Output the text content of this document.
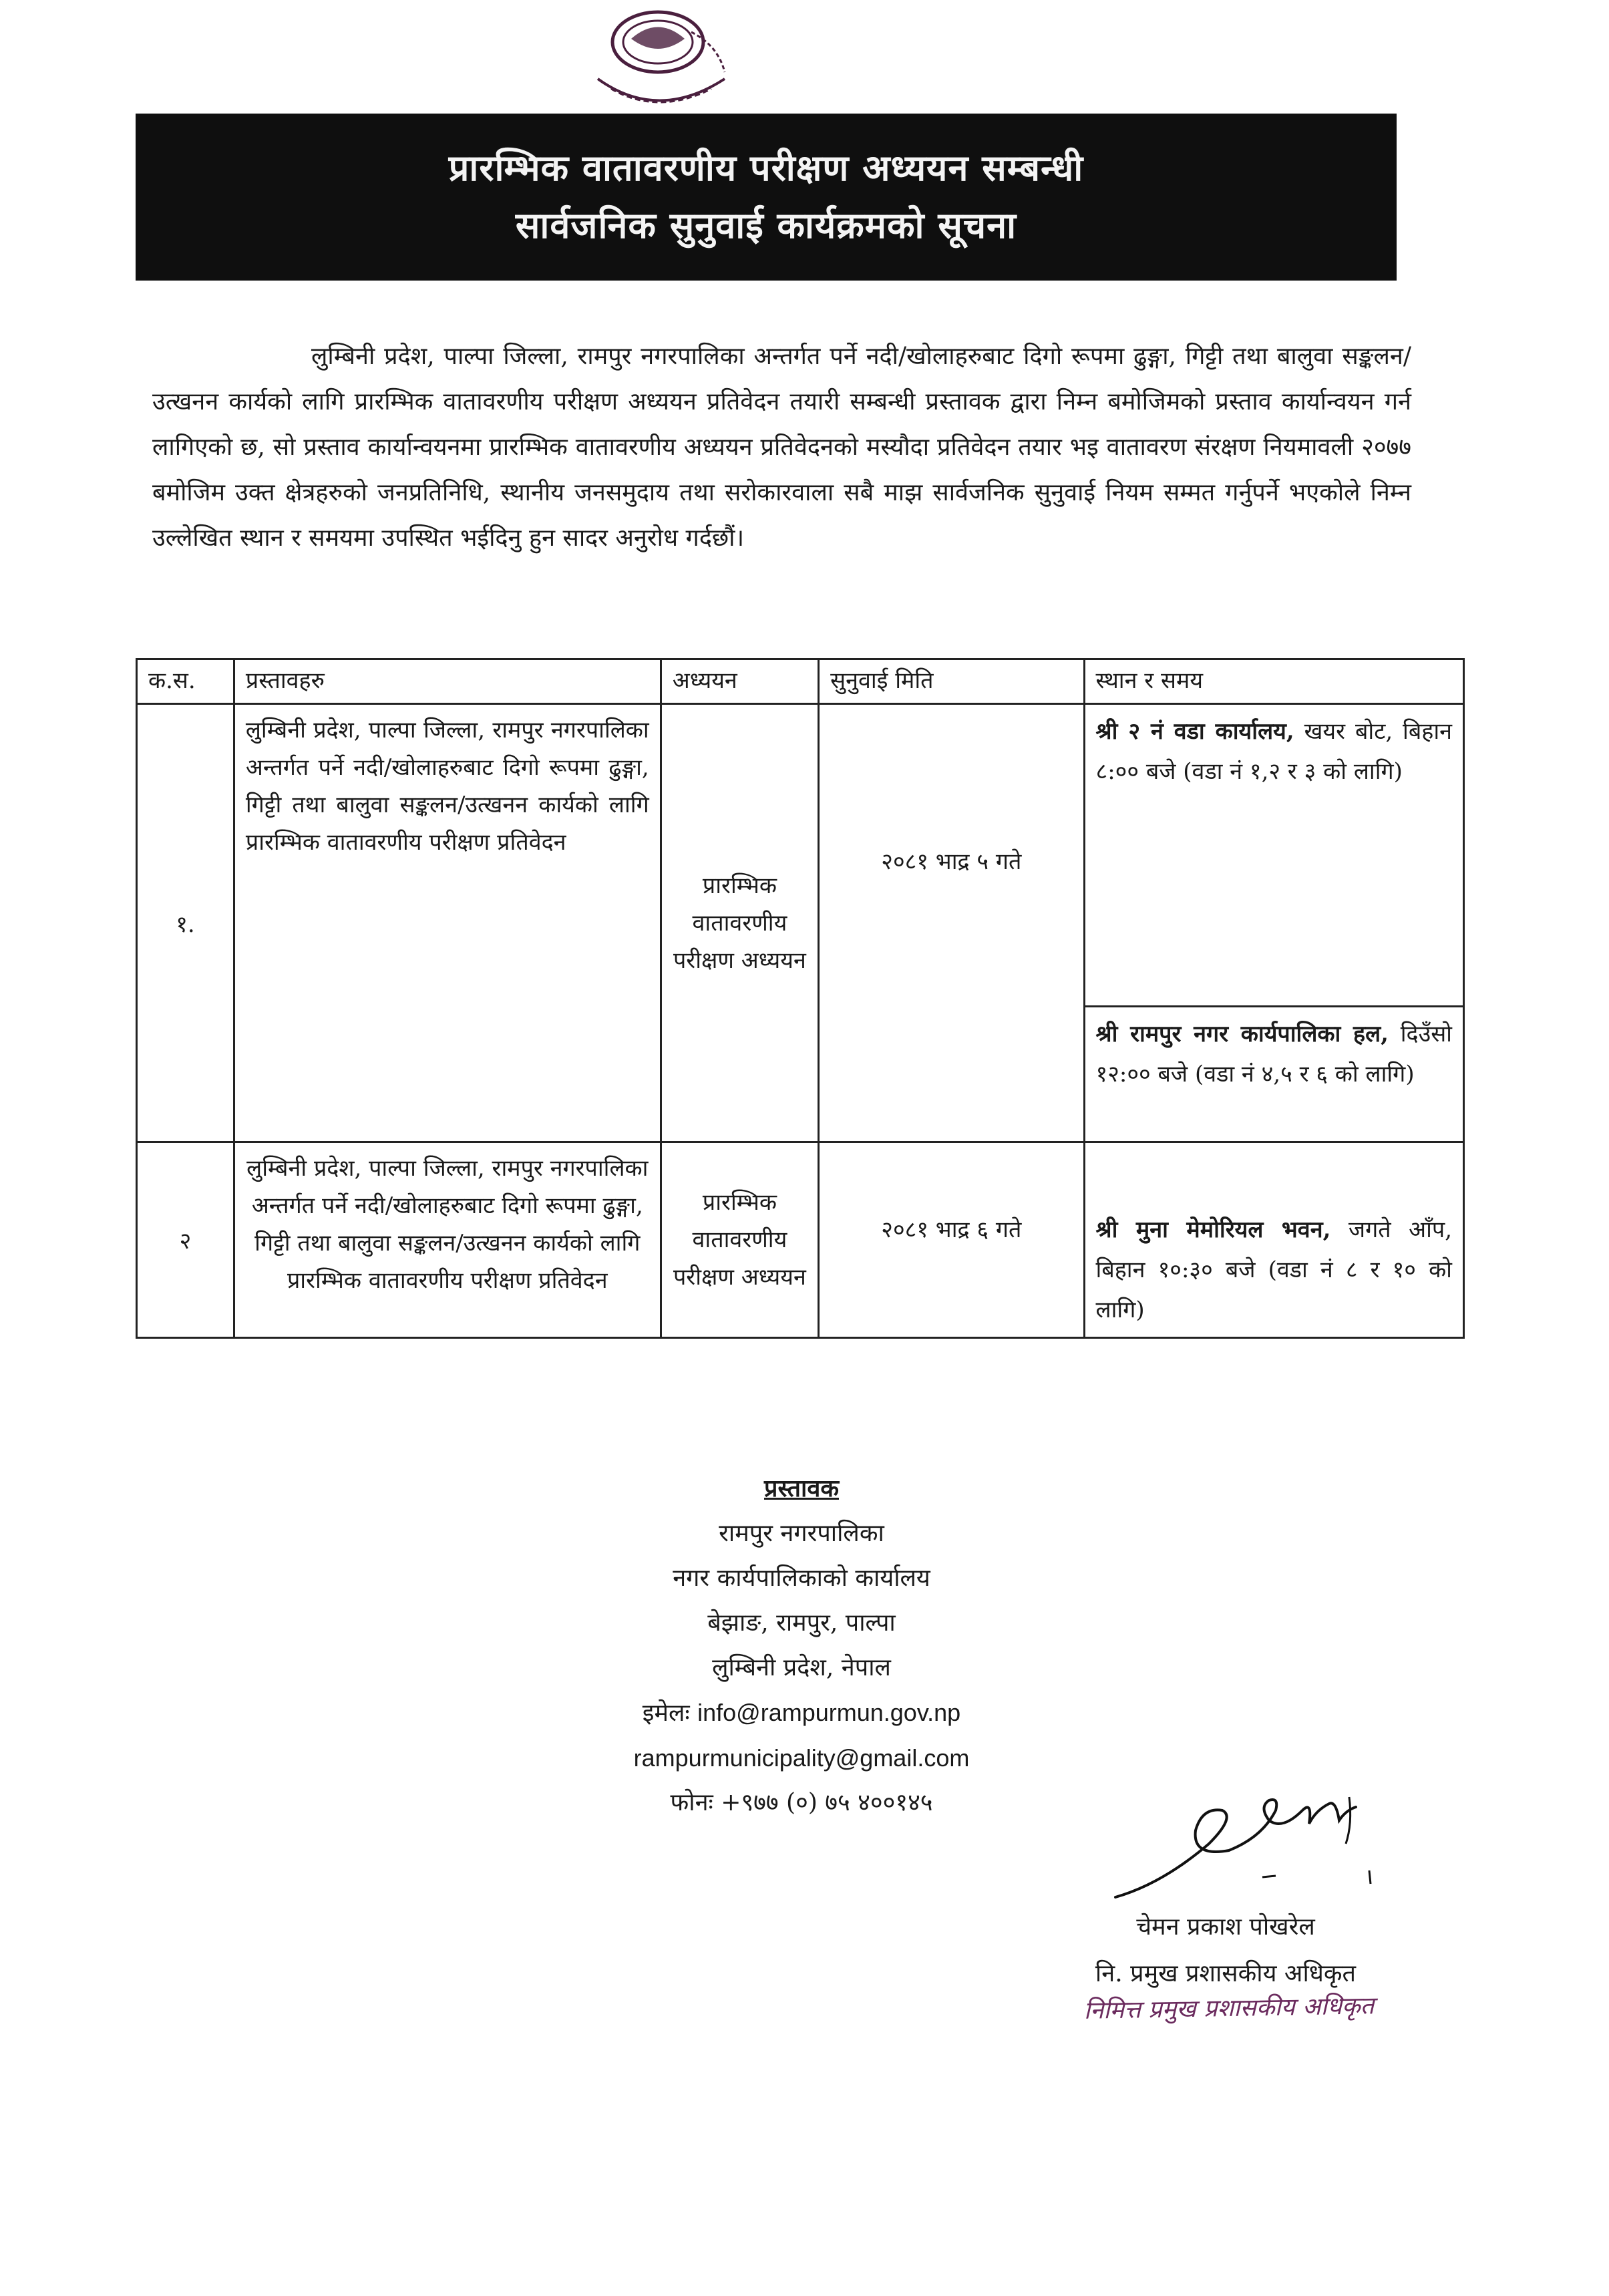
प्रारम्भिक वातावरणीय परीक्षण अध्ययन सम्बन्धी
सार्वजनिक सुनुवाई कार्यक्रमको सूचना
लुम्बिनी प्रदेश, पाल्पा जिल्ला, रामपुर नगरपालिका अन्तर्गत पर्ने नदी/खोलाहरुबाट दिगो रूपमा ढुङ्गा, गिट्टी तथा बालुवा सङ्कलन/उत्खनन कार्यको लागि प्रारम्भिक वातावरणीय परीक्षण अध्ययन प्रतिवेदन तयारी सम्बन्धी प्रस्तावक द्वारा निम्न बमोजिमको प्रस्ताव कार्यान्वयन गर्न लागिएको छ, सो प्रस्ताव कार्यान्वयनमा प्रारम्भिक वातावरणीय अध्ययन प्रतिवेदनको मस्यौदा प्रतिवेदन तयार भइ वातावरण संरक्षण नियमावली २०७७ बमोजिम उक्त क्षेत्रहरुको जनप्रतिनिधि, स्थानीय जनसमुदाय तथा सरोकारवाला सबै माझ सार्वजनिक सुनुवाई नियम सम्मत गर्नुपर्ने भएकोले निम्न उल्लेखित स्थान र समयमा उपस्थित भईदिनु हुन सादर अनुरोध गर्दछौं।
क.स.	प्रस्तावहरु	अध्ययन	सुनुवाई मिति	स्थान र समय
१.	लुम्बिनी प्रदेश, पाल्पा जिल्ला, रामपुर नगरपालिका अन्तर्गत पर्ने नदी/खोलाहरुबाट दिगो रूपमा ढुङ्गा, गिट्टी तथा बालुवा सङ्कलन/उत्खनन कार्यको लागि प्रारम्भिक वातावरणीय परीक्षण प्रतिवेदन	प्रारम्भिक वातावरणीय परीक्षण अध्ययन	२०८१ भाद्र ५ गते	श्री २ नं वडा कार्यालय, खयर बोट, बिहान ८:०० बजे (वडा नं १,२ र ३ को लागि)
				श्री रामपुर नगर कार्यपालिका हल, दिउँसो १२:०० बजे (वडा नं ४,५ र ६ को लागि)
२	लुम्बिनी प्रदेश, पाल्पा जिल्ला, रामपुर नगरपालिका अन्तर्गत पर्ने नदी/खोलाहरुबाट दिगो रूपमा ढुङ्गा, गिट्टी तथा बालुवा सङ्कलन/उत्खनन कार्यको लागि प्रारम्भिक वातावरणीय परीक्षण प्रतिवेदन	प्रारम्भिक वातावरणीय परीक्षण अध्ययन	२०८१ भाद्र ६ गते	श्री मुना मेमोरियल भवन, जगते आँप, बिहान १०:३० बजे (वडा नं ८ र १० को लागि)
प्रस्तावक
रामपुर नगरपालिका
नगर कार्यपालिकाको कार्यालय
बेझाङ, रामपुर, पाल्पा
लुम्बिनी प्रदेश, नेपाल
इमेलः info@rampurmun.gov.np
rampurmunicipality@gmail.com
फोनः +९७७ (०) ७५ ४००१४५
चेमन प्रकाश पोखरेल
नि. प्रमुख प्रशासकीय अधिकृत
निमित्त प्रमुख प्रशासकीय अधिकृत
